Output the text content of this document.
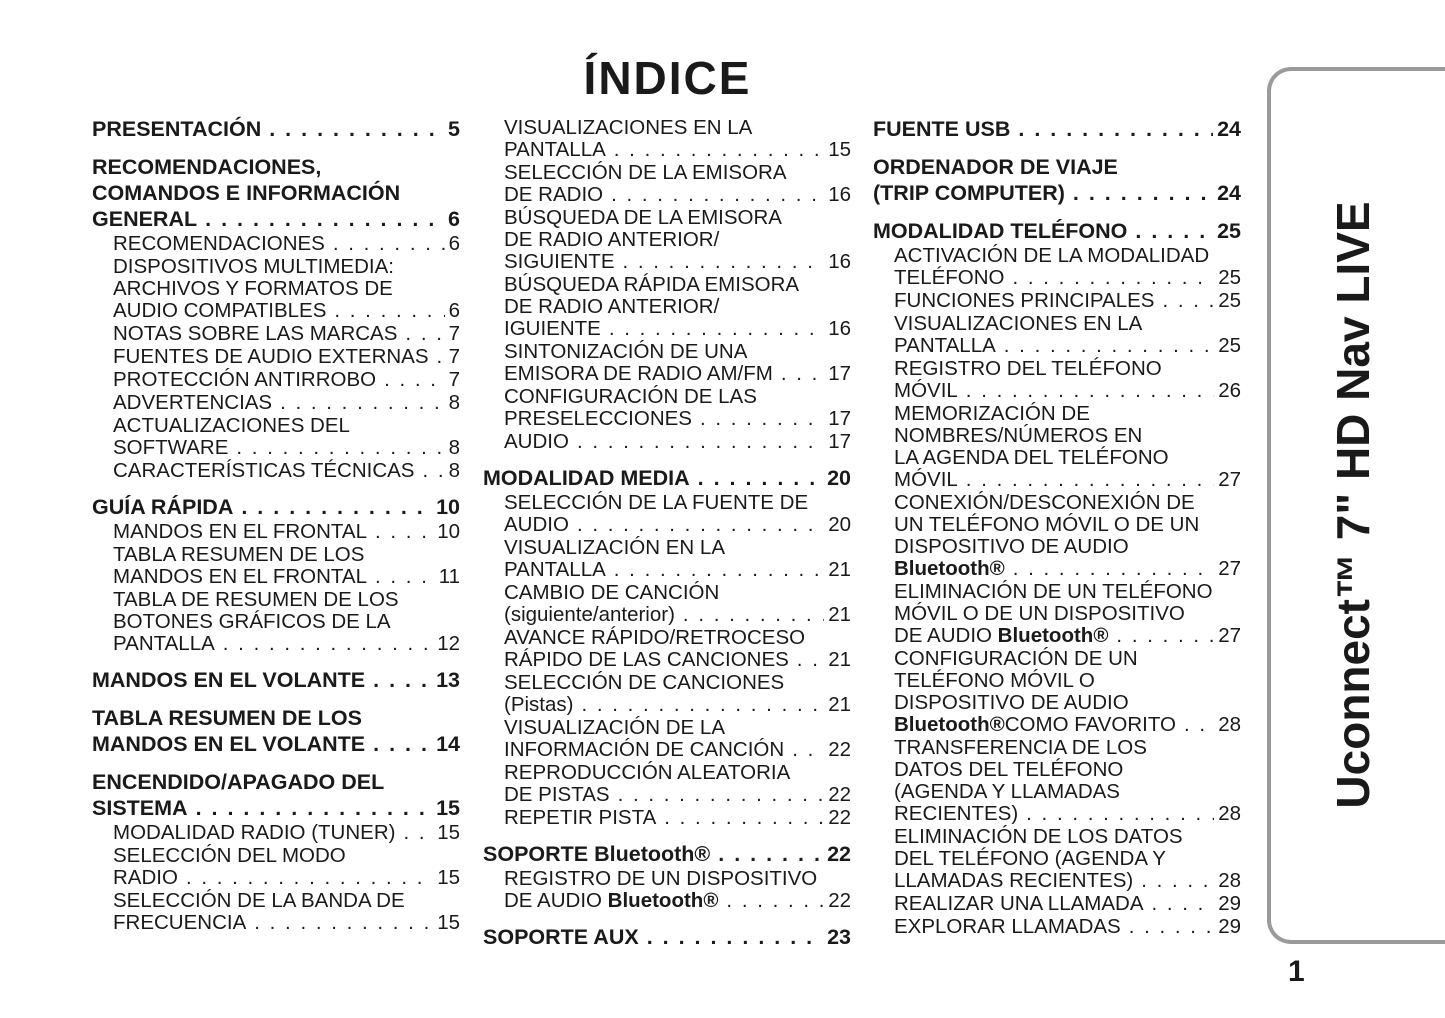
ÍNDICE
PRESENTACIÓN . . .	5
RECOMENDACIONES,
COMANDOS E INFORMACIÓN
GENERAL . . .	6
RECOMENDACIONES . . .	6
DISPOSITIVOS MULTIMEDIA:
ARCHIVOS Y FORMATOS DE
AUDIO COMPATIBLES . . .	6
NOTAS SOBRE LAS MARCAS . . . 7
FUENTES DE AUDIO EXTERNAS . . . 7
PROTECCIÓN ANTIRROBO . . .	7
ADVERTENCIAS . . .	8
ACTUALIZACIONES DEL
SOFTWARE . . .	8
CARACTERÍSTICAS TÉCNICAS . . . 8
GUÍA RÁPIDA . . .	10
MANDOS EN EL FRONTAL . . .	10
TABLA RESUMEN DE LOS
MANDOS EN EL FRONTAL . . .	11
TABLA DE RESUMEN DE LOS
BOTONES GRÁFICOS DE LA
PANTALLA . . .	12
MANDOS EN EL VOLANTE . . .	13
TABLA RESUMEN DE LOS
MANDOS EN EL VOLANTE . . .	14
ENCENDIDO/APAGADO DEL
SISTEMA . . .	15
MODALIDAD RADIO (TUNER) . . . 15
SELECCIÓN DEL MODO
RADIO . . .	15
SELECCIÓN DE LA BANDA DE
FRECUENCIA . . .	15
VISUALIZACIONES EN LA
PANTALLA . . .	15
SELECCIÓN DE LA EMISORA
DE RADIO . . .	16
BÚSQUEDA DE LA EMISORA
DE RADIO ANTERIOR/
SIGUIENTE . . .	16
BÚSQUEDA RÁPIDA EMISORA
DE RADIO ANTERIOR/
IGUIENTE . . .	16
SINTONIZACIÓN DE UNA
EMISORA DE RADIO AM/FM . . .	17
CONFIGURACIÓN DE LAS
PRESELECCIONES . . .	17
AUDIO . . .	17
MODALIDAD MEDIA . . .	20
SELECCIÓN DE LA FUENTE DE
AUDIO . . .	20
VISUALIZACIÓN EN LA
PANTALLA . . .	21
CAMBIO DE CANCIÓN
(siguiente/anterior) . . .	21
AVANCE RÁPIDO/RETROCESO
RÁPIDO DE LAS CANCIONES . . . 21
SELECCIÓN DE CANCIONES
(Pistas) . . .	21
VISUALIZACIÓN DE LA
INFORMACIÓN DE CANCIÓN . . . 22
REPRODUCCIÓN ALEATORIA
DE PISTAS . . .	22
REPETIR PISTA . . .	22
SOPORTE Bluetooth® . . .	22
REGISTRO DE UN DISPOSITIVO
DE AUDIO Bluetooth® . . .	22
SOPORTE AUX . . .	23
FUENTE USB . . .	24
ORDENADOR DE VIAJE
(TRIP COMPUTER) . . .	24
MODALIDAD TELÉFONO . . .	25
ACTIVACIÓN DE LA MODALIDAD
TELÉFONO . . .	25
FUNCIONES PRINCIPALES . . .	25
VISUALIZACIONES EN LA
PANTALLA . . .	25
REGISTRO DEL TELÉFONO
MÓVIL . . .	26
MEMORIZACIÓN DE
NOMBRES/NÚMEROS EN
LA AGENDA DEL TELÉFONO
MÓVIL . . .	27
CONEXIÓN/DESCONEXIÓN DE
UN TELÉFONO MÓVIL O DE UN
DISPOSITIVO DE AUDIO
Bluetooth® . . .	27
ELIMINACIÓN DE UN TELÉFONO
MÓVIL O DE UN DISPOSITIVO
DE AUDIO Bluetooth® . . .	27
CONFIGURACIÓN DE UN
TELÉFONO MÓVIL O
DISPOSITIVO DE AUDIO
Bluetooth®COMO FAVORITO . . . 28
TRANSFERENCIA DE LOS
DATOS DEL TELÉFONO
(AGENDA Y LLAMADAS
RECIENTES) . . .	28
ELIMINACIÓN DE LOS DATOS
DEL TELÉFONO (AGENDA Y
LLAMADAS RECIENTES) . . .	28
REALIZAR UNA LLAMADA . . .	29
EXPLORAR LLAMADAS . . .	29
Uconnect™ 7" HD Nav LIVE
1
